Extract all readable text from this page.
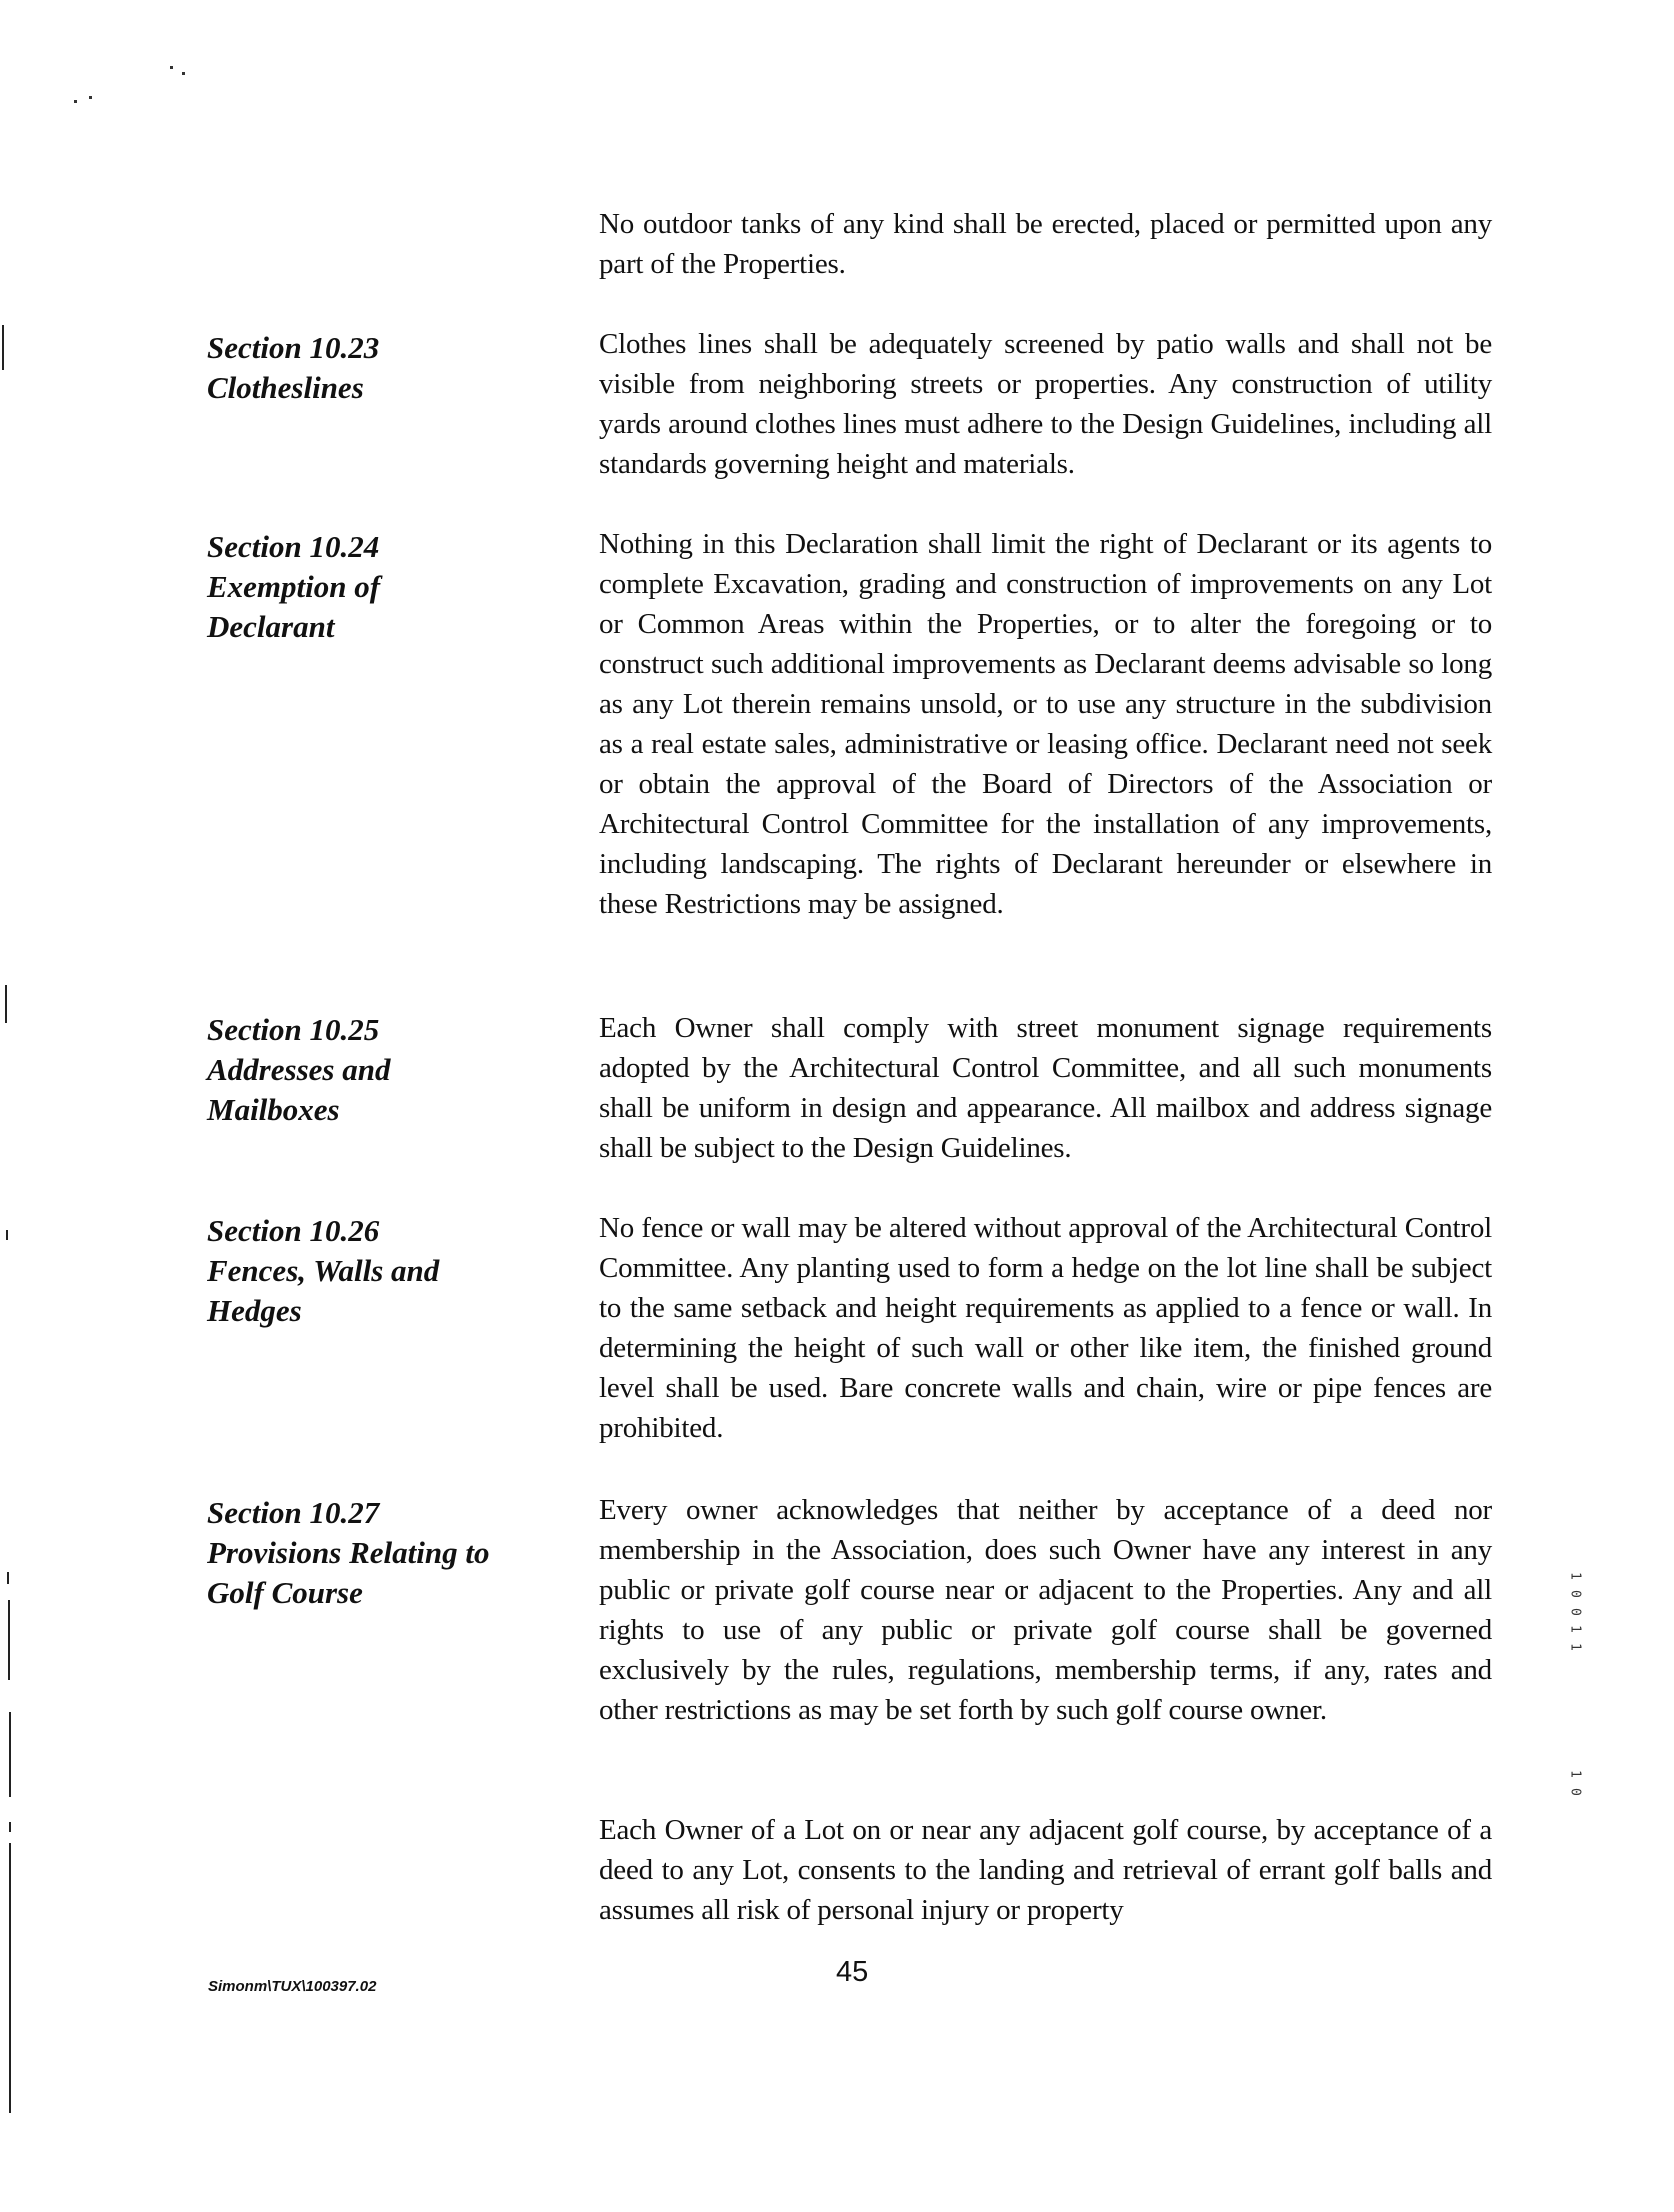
No outdoor tanks of any kind shall be erected, placed or permitted upon any part of the Properties.

Section 10.23
Clotheslines

Clothes lines shall be adequately screened by patio walls and shall not be visible from neighboring streets or properties. Any construction of utility yards around clothes lines must adhere to the Design Guidelines, including all standards governing height and materials.

Section 10.24
Exemption of
Declarant

Nothing in this Declaration shall limit the right of Declarant or its agents to complete Excavation, grading and construction of improvements on any Lot or Common Areas within the Properties, or to alter the foregoing or to construct such additional improvements as Declarant deems advisable so long as any Lot therein remains unsold, or to use any structure in the subdivision as a real estate sales, administrative or leasing office. Declarant need not seek or obtain the approval of the Board of Directors of the Association or Architectural Control Committee for the installation of any improvements, including landscaping. The rights of Declarant hereunder or elsewhere in these Restrictions may be assigned.

Section 10.25
Addresses and
Mailboxes

Each Owner shall comply with street monument signage requirements adopted by the Architectural Control Committee, and all such monuments shall be uniform in design and appearance. All mailbox and address signage shall be subject to the Design Guidelines.

Section 10.26
Fences, Walls and
Hedges

No fence or wall may be altered without approval of the Architectural Control Committee. Any planting used to form a hedge on the lot line shall be subject to the same setback and height requirements as applied to a fence or wall. In determining the height of such wall or other like item, the finished ground level shall be used. Bare concrete walls and chain, wire or pipe fences are prohibited.

Section 10.27
Provisions Relating to
Golf Course

Every owner acknowledges that neither by acceptance of a deed nor membership in the Association, does such Owner have any interest in any public or private golf course near or adjacent to the Properties. Any and all rights to use of any public or private golf course shall be governed exclusively by the rules, regulations, membership terms, if any, rates and other restrictions as may be set forth by such golf course owner.

Each Owner of a Lot on or near any adjacent golf course, by acceptance of a deed to any Lot, consents to the landing and retrieval of errant golf balls and assumes all risk of personal injury or property

1
0
0
1
1
1
0
Simonm\TUX\100397.02	45
